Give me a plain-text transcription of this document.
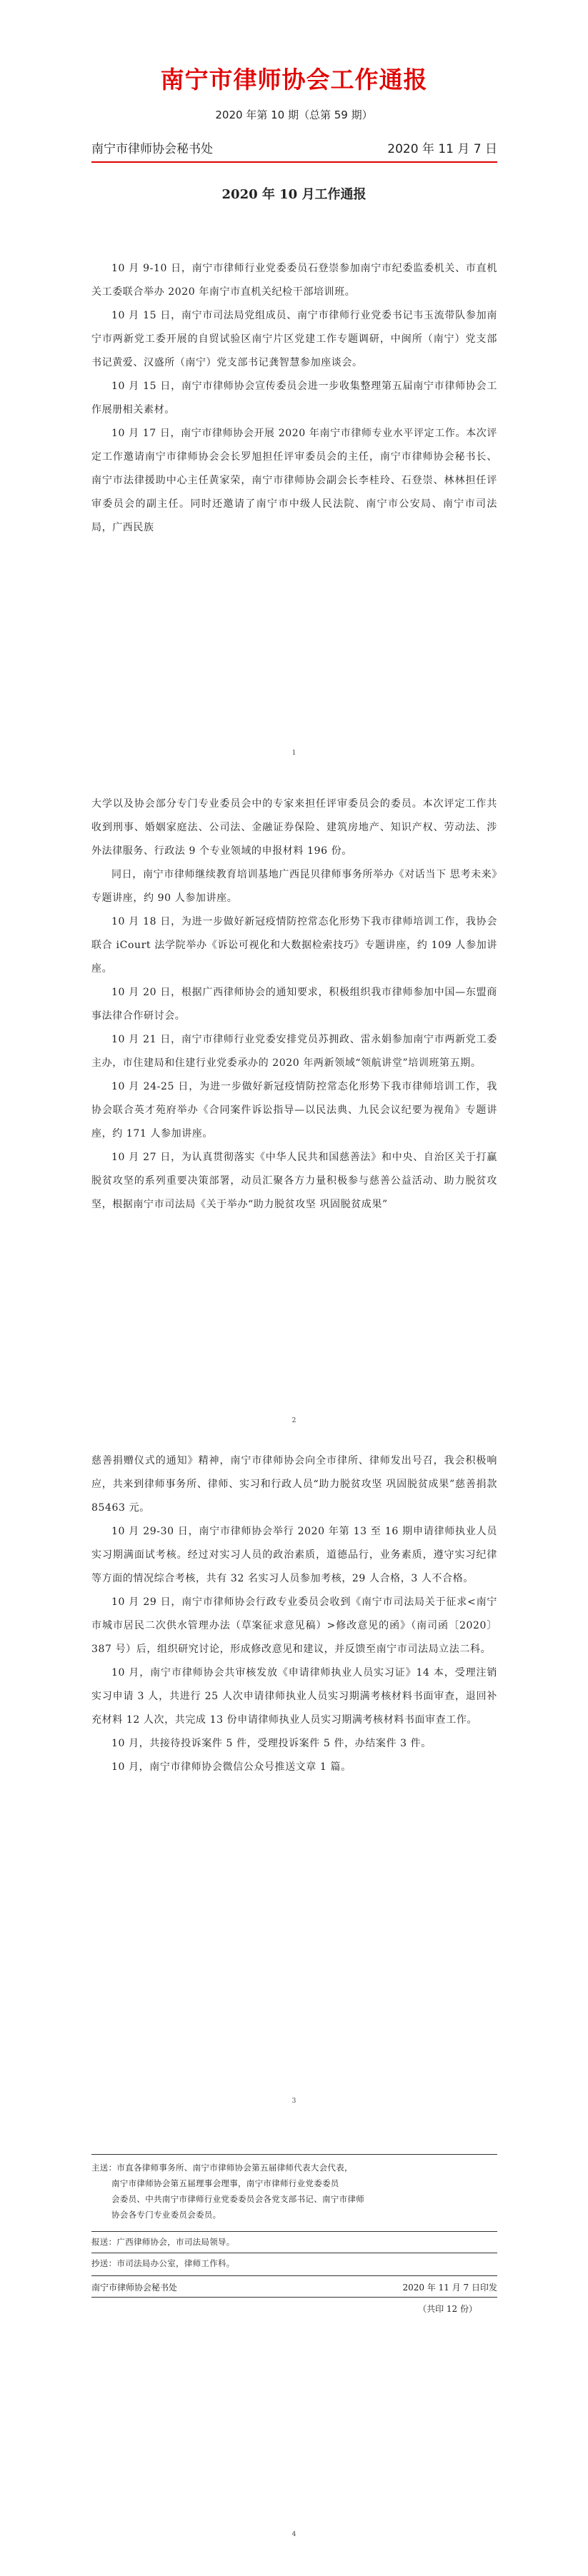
南宁市律师协会工作通报
2020 年第 10 期（总第 59 期）
南宁市律师协会秘书处	2020 年 11 月 7 日
2020 年 10 月工作通报

10 月 9-10 日，南宁市律师行业党委委员石登崇参加南宁市纪委监委机关、市直机关工委联合举办 2020 年南宁市直机关纪检干部培训班。

10 月 15 日，南宁市司法局党组成员、南宁市律师行业党委书记韦玉流带队参加南宁市两新党工委开展的自贸试验区南宁片区党建工作专题调研，中闽所（南宁）党支部书记黄爱、汉盛所（南宁）党支部书记龚智慧参加座谈会。

10 月 15 日，南宁市律师协会宣传委员会进一步收集整理第五届南宁市律师协会工作展册相关素材。

10 月 17 日，南宁市律师协会开展 2020 年南宁市律师专业水平评定工作。本次评定工作邀请南宁市律师协会会长罗旭担任评审委员会的主任，南宁市律师协会秘书长、南宁市法律援助中心主任黄家荣，南宁市律师协会副会长李桂玲、石登崇、林林担任评审委员会的副主任。同时还邀请了南宁市中级人民法院、南宁市公安局、南宁市司法局，广西民族

1

大学以及协会部分专门专业委员会中的专家来担任评审委员会的委员。本次评定工作共收到刑事、婚姻家庭法、公司法、金融证券保险、建筑房地产、知识产权、劳动法、涉外法律服务、行政法 9 个专业领域的申报材料 196 份。

同日，南宁市律师继续教育培训基地广西昆贝律师事务所举办《对话当下 思考未来》专题讲座，约 90 人参加讲座。

10 月 18 日，为进一步做好新冠疫情防控常态化形势下我市律师培训工作，我协会联合 iCourt 法学院举办《诉讼可视化和大数据检索技巧》专题讲座，约 109 人参加讲座。

10 月 20 日，根据广西律师协会的通知要求，积极组织我市律师参加中国—东盟商事法律合作研讨会。

10 月 21 日，南宁市律师行业党委安排党员苏拥政、雷永娟参加南宁市两新党工委主办，市住建局和住建行业党委承办的 2020 年两新领域“领航讲堂”培训班第五期。

10 月 24-25 日，为进一步做好新冠疫情防控常态化形势下我市律师培训工作，我协会联合英才苑府举办《合同案件诉讼指导—以民法典、九民会议纪要为视角》专题讲座，约 171 人参加讲座。

10 月 27 日，为认真贯彻落实《中华人民共和国慈善法》和中央、自治区关于打赢脱贫攻坚的系列重要决策部署，动员汇聚各方力量积极参与慈善公益活动、助力脱贫攻坚，根据南宁市司法局《关于举办“助力脱贫攻坚 巩固脱贫成果”

2

慈善捐赠仪式的通知》精神，南宁市律师协会向全市律所、律师发出号召，我会积极响应，共来到律师事务所、律师、实习和行政人员“助力脱贫攻坚 巩固脱贫成果”慈善捐款 85463 元。

10 月 29-30 日，南宁市律师协会举行 2020 年第 13 至 16 期申请律师执业人员实习期满面试考核。经过对实习人员的政治素质，道德品行，业务素质，遵守实习纪律等方面的情况综合考核，共有 32 名实习人员参加考核，29 人合格，3 人不合格。

10 月 29 日，南宁市律师协会行政专业委员会收到《南宁市司法局关于征求<南宁市城市居民二次供水管理办法（草案征求意见稿）>修改意见的函》（南司函〔2020〕387 号）后，组织研究讨论，形成修改意见和建议，并反馈至南宁市司法局立法二科。

10 月，南宁市律师协会共审核发放《申请律师执业人员实习证》14 本，受理注销实习申请 3 人，共进行 25 人次申请律师执业人员实习期满考核材料书面审查，退回补充材料 12 人次，共完成 13 份申请律师执业人员实习期满考核材料书面审查工作。

10 月，共接待投诉案件 5 件，受理投诉案件 5 件，办结案件 3 件。

10 月，南宁市律师协会微信公众号推送文章 1 篇。

3
主送：市直各律师事务所、南宁市律师协会第五届律师代表大会代表，
南宁市律师协会第五届理事会理事，南宁市律师行业党委委员
会委员、中共南宁市律师行业党委委员会各党支部书记、南宁市律师
协会各专门专业委员会委员。
报送：广西律师协会，市司法局领导。
抄送：市司法局办公室，律师工作科。
南宁市律师协会秘书处	2020 年 11 月 7 日印发
（共印 12 份）
4
